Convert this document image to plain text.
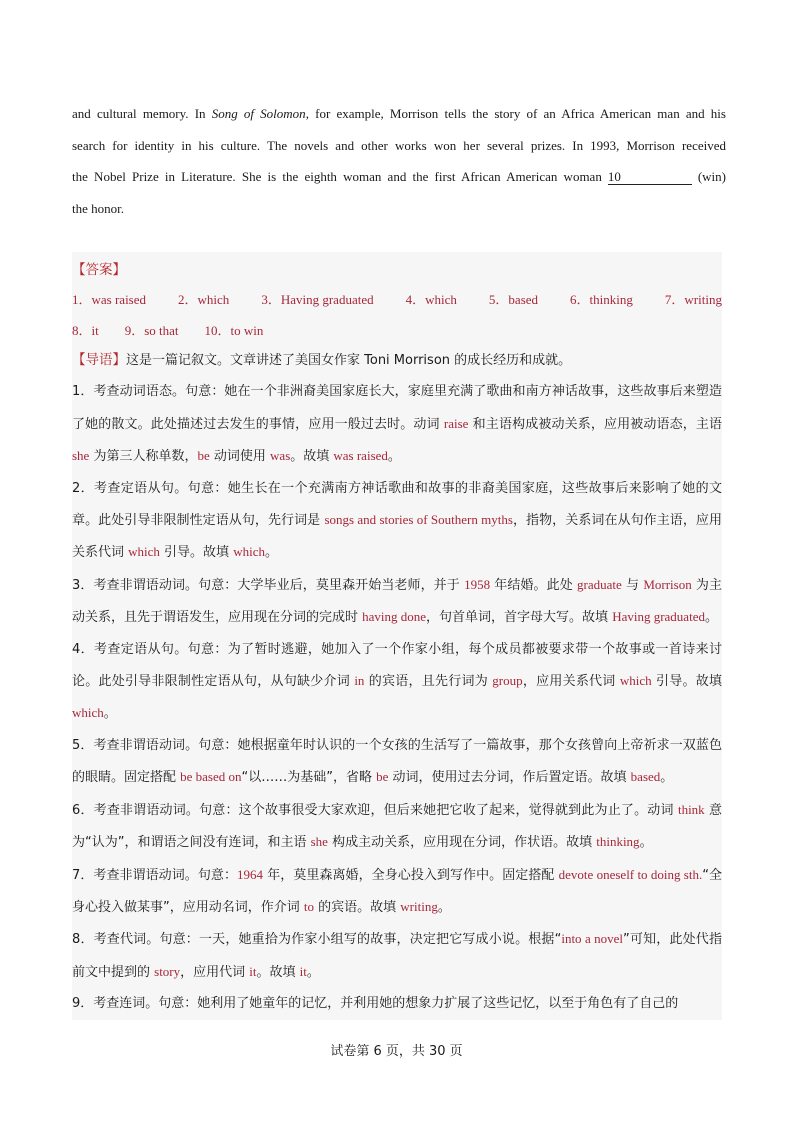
and cultural memory. In Song of Solomon, for example, Morrison tells the story of an Africa American man and his
search for identity in his culture. The novels and other works won her several prizes. In 1993, Morrison received
the Nobel Prize in Literature. She is the eighth woman and the first African American woman 10	(win)
the honor.
【答案】
1．was raised 2．which 3．Having graduated 4．which 5．based 6．thinking 7．writing
8．it 9．so that 10．to win

【导语】这是一篇记叙文。文章讲述了美国女作家 Toni Morrison 的成长经历和成就。

1．考查动词语态。句意：她在一个非洲裔美国家庭长大，家庭里充满了歌曲和南方神话故事，这些故事后来塑造了她的散文。此处描述过去发生的事情，应用一般过去时。动词 raise 和主语构成被动关系，应用被动语态，主语 she 为第三人称单数，be 动词使用 was。故填 was raised。

2．考查定语从句。句意：她生长在一个充满南方神话歌曲和故事的非裔美国家庭，这些故事后来影响了她的文章。此处引导非限制性定语从句，先行词是 songs and stories of Southern myths，指物，关系词在从句作主语，应用关系代词 which 引导。故填 which。

3．考查非谓语动词。句意：大学毕业后，莫里森开始当老师，并于 1958 年结婚。此处 graduate 与 Morrison 为主动关系，且先于谓语发生，应用现在分词的完成时 having done，句首单词，首字母大写。故填 Having graduated。

4．考查定语从句。句意：为了暂时逃避，她加入了一个作家小组，每个成员都被要求带一个故事或一首诗来讨论。此处引导非限制性定语从句，从句缺少介词 in 的宾语，且先行词为 group，应用关系代词 which 引导。故填 which。

5．考查非谓语动词。句意：她根据童年时认识的一个女孩的生活写了一篇故事，那个女孩曾向上帝祈求一双蓝色的眼睛。固定搭配 be based on“以……为基础”，省略 be 动词，使用过去分词，作后置定语。故填 based。

6．考查非谓语动词。句意：这个故事很受大家欢迎，但后来她把它收了起来，觉得就到此为止了。动词 think 意为“认为”，和谓语之间没有连词，和主语 she 构成主动关系，应用现在分词，作状语。故填 thinking。

7．考查非谓语动词。句意：1964 年，莫里森离婚，全身心投入到写作中。固定搭配 devote oneself to doing sth.“全身心投入做某事”，应用动名词，作介词 to 的宾语。故填 writing。

8．考查代词。句意：一天，她重拾为作家小组写的故事，决定把它写成小说。根据“into a novel”可知，此处代指前文中提到的 story，应用代词 it。故填 it。

9．考查连词。句意：她利用了她童年的记忆，并利用她的想象力扩展了这些记忆，以至于角色有了自己的

试卷第 6 页，共 30 页
